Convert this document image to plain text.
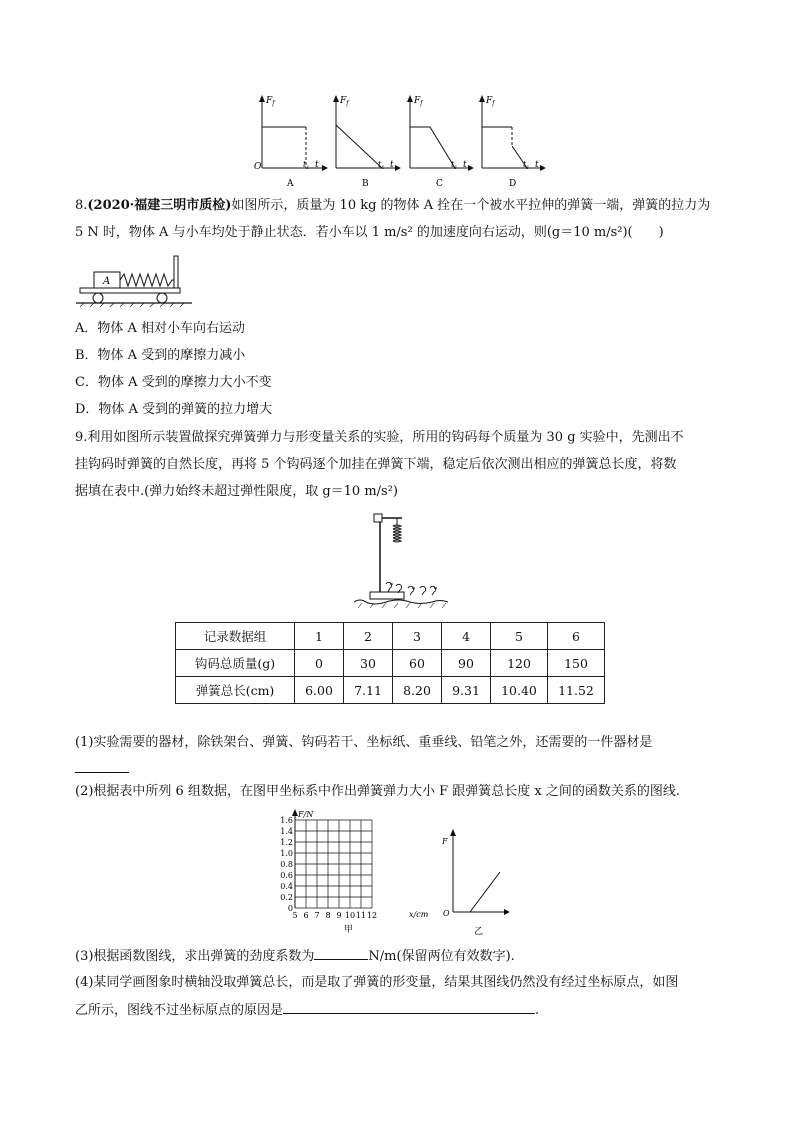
$F_f$	$F_f$	$F_f$	$F_f$
O	$t_1$ t	$t_1$ t	$t_1$ t	$t_1$ t
A	B	C	D
8.(2020·福建三明市质检)如图所示，质量为 10 kg 的物体 A 拴在一个被水平拉伸的弹簧一端，弹簧的拉力为
5 N 时，物体 A 与小车均处于静止状态．若小车以 1 m/s² 的加速度向右运动，则(g＝10 m/s²)(　　)
A
A．物体 A 相对小车向右运动
B．物体 A 受到的摩擦力减小
C．物体 A 受到的摩擦力大小不变
D．物体 A 受到的弹簧的拉力增大
9.利用如图所示装置做探究弹簧弹力与形变量关系的实验，所用的钩码每个质量为 30 g 实验中，先测出不
挂钩码时弹簧的自然长度，再将 5 个钩码逐个加挂在弹簧下端，稳定后依次测出相应的弹簧总长度，将数
据填在表中.(弹力始终未超过弹性限度，取 g＝10 m/s²)
记录数据组	1	2	3	4	5	6
钩码总质量(g)	0	30	60	90	120	150
弹簧总长(cm)	6.00	7.11	8.20	9.31	10.40	11.52
(1)实验需要的器材，除铁架台、弹簧、钩码若干、坐标纸、重垂线、铅笔之外，还需要的一件器材是
(2)根据表中所列 6 组数据，在图甲坐标系中作出弹簧弹力大小 F 跟弹簧总长度 x 之间的函数关系的图线.
F/N
1.6
1.4
1.2
1.0
0.8
0.6
0.4
0.2
0
5 6 7 8 9 10 11 12	x/cm
甲
F
O
乙
(3)根据函数图线，求出弹簧的劲度系数为	N/m(保留两位有效数字).
(4)某同学画图象时横轴没取弹簧总长，而是取了弹簧的形变量，结果其图线仍然没有经过坐标原点，如图
乙所示，图线不过坐标原点的原因是	.
